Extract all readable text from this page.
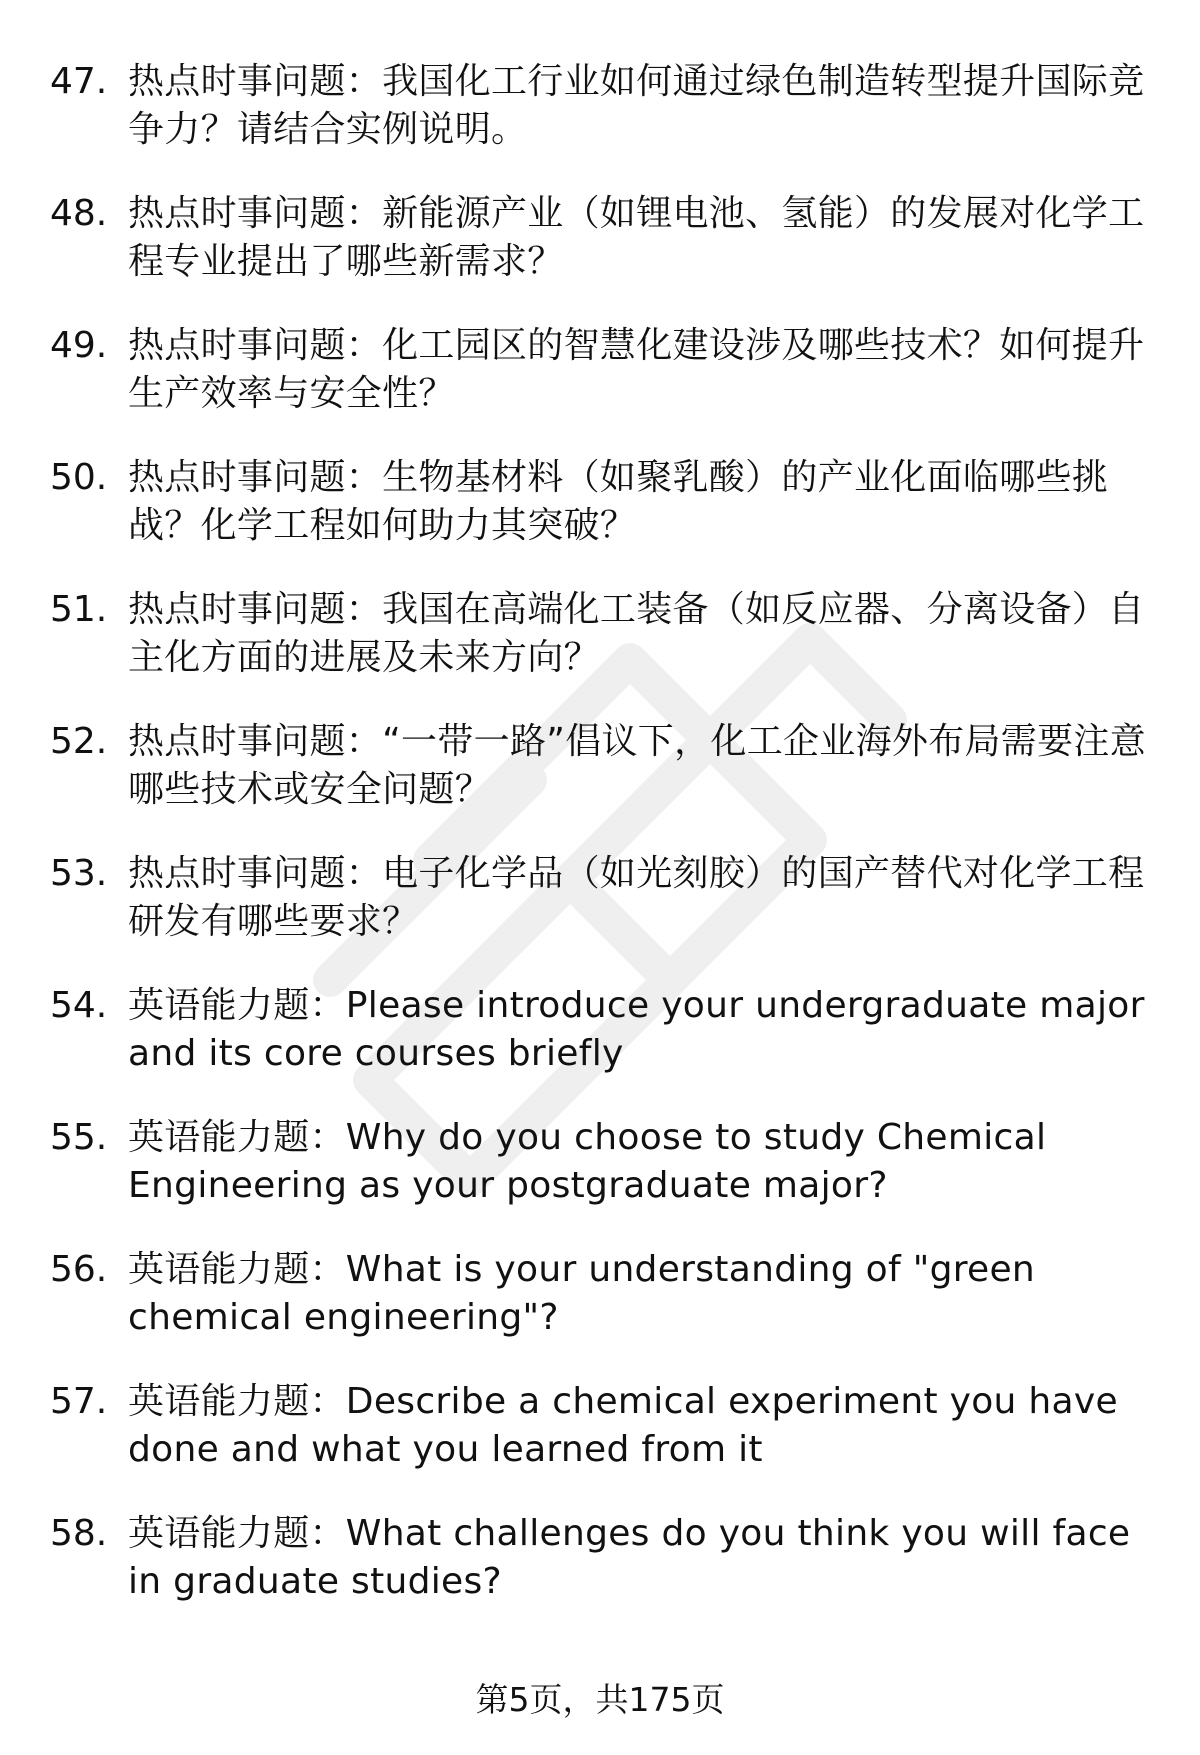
47. 热点时事问题：我国化工行业如何通过绿色制造转型提升国际竞争力？请结合实例说明。
48. 热点时事问题：新能源产业（如锂电池、氢能）的发展对化学工程专业提出了哪些新需求？
49. 热点时事问题：化工园区的智慧化建设涉及哪些技术？如何提升生产效率与安全性？
50. 热点时事问题：生物基材料（如聚乳酸）的产业化面临哪些挑战？化学工程如何助力其突破？
51. 热点时事问题：我国在高端化工装备（如反应器、分离设备）自主化方面的进展及未来方向？
52. 热点时事问题：“一带一路”倡议下，化工企业海外布局需要注意哪些技术或安全问题？
53. 热点时事问题：电子化学品（如光刻胶）的国产替代对化学工程研发有哪些要求？
54. 英语能力题：Please introduce your undergraduate major and its core courses briefly
55. 英语能力题：Why do you choose to study Chemical Engineering as your postgraduate major?
56. 英语能力题：What is your understanding of "green chemical engineering"?
57. 英语能力题：Describe a chemical experiment you have done and what you learned from it
58. 英语能力题：What challenges do you think you will face in graduate studies?
第5页，共175页
